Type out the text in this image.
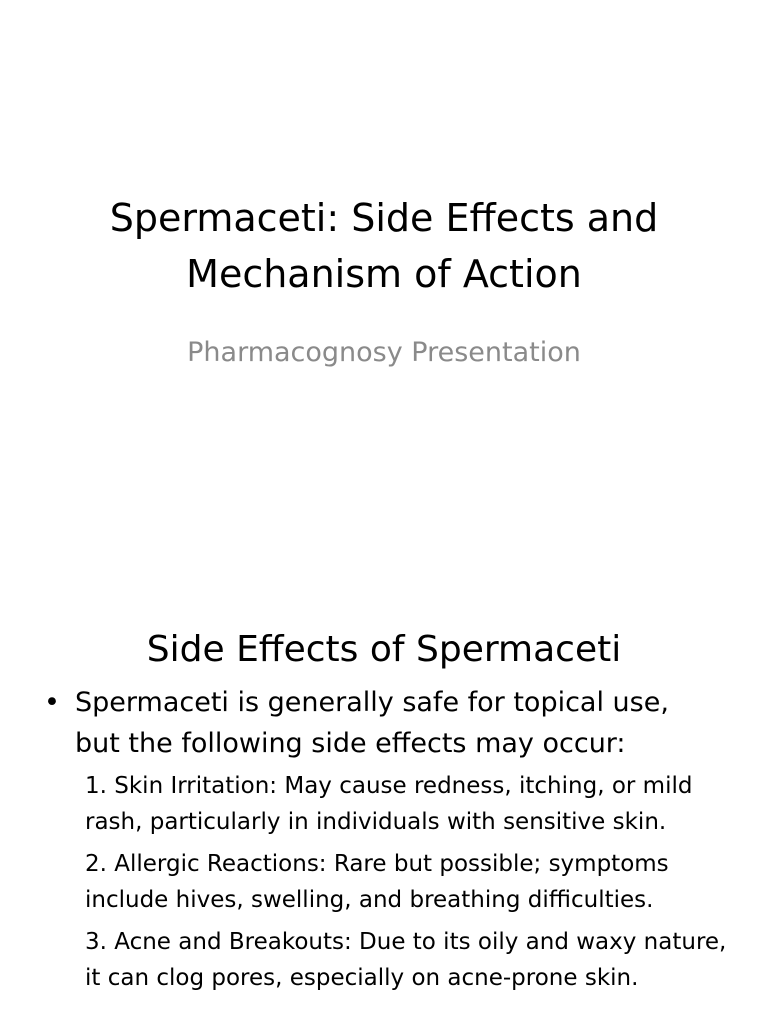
Spermaceti: Side Effects and Mechanism of Action

Pharmacognosy Presentation

Side Effects of Spermaceti
• Spermaceti is generally safe for topical use, but the following side effects may occur:
1. Skin Irritation: May cause redness, itching, or mild rash, particularly in individuals with sensitive skin.
2. Allergic Reactions: Rare but possible; symptoms include hives, swelling, and breathing difficulties.
3. Acne and Breakouts: Due to its oily and waxy nature, it can clog pores, especially on acne-prone skin.
